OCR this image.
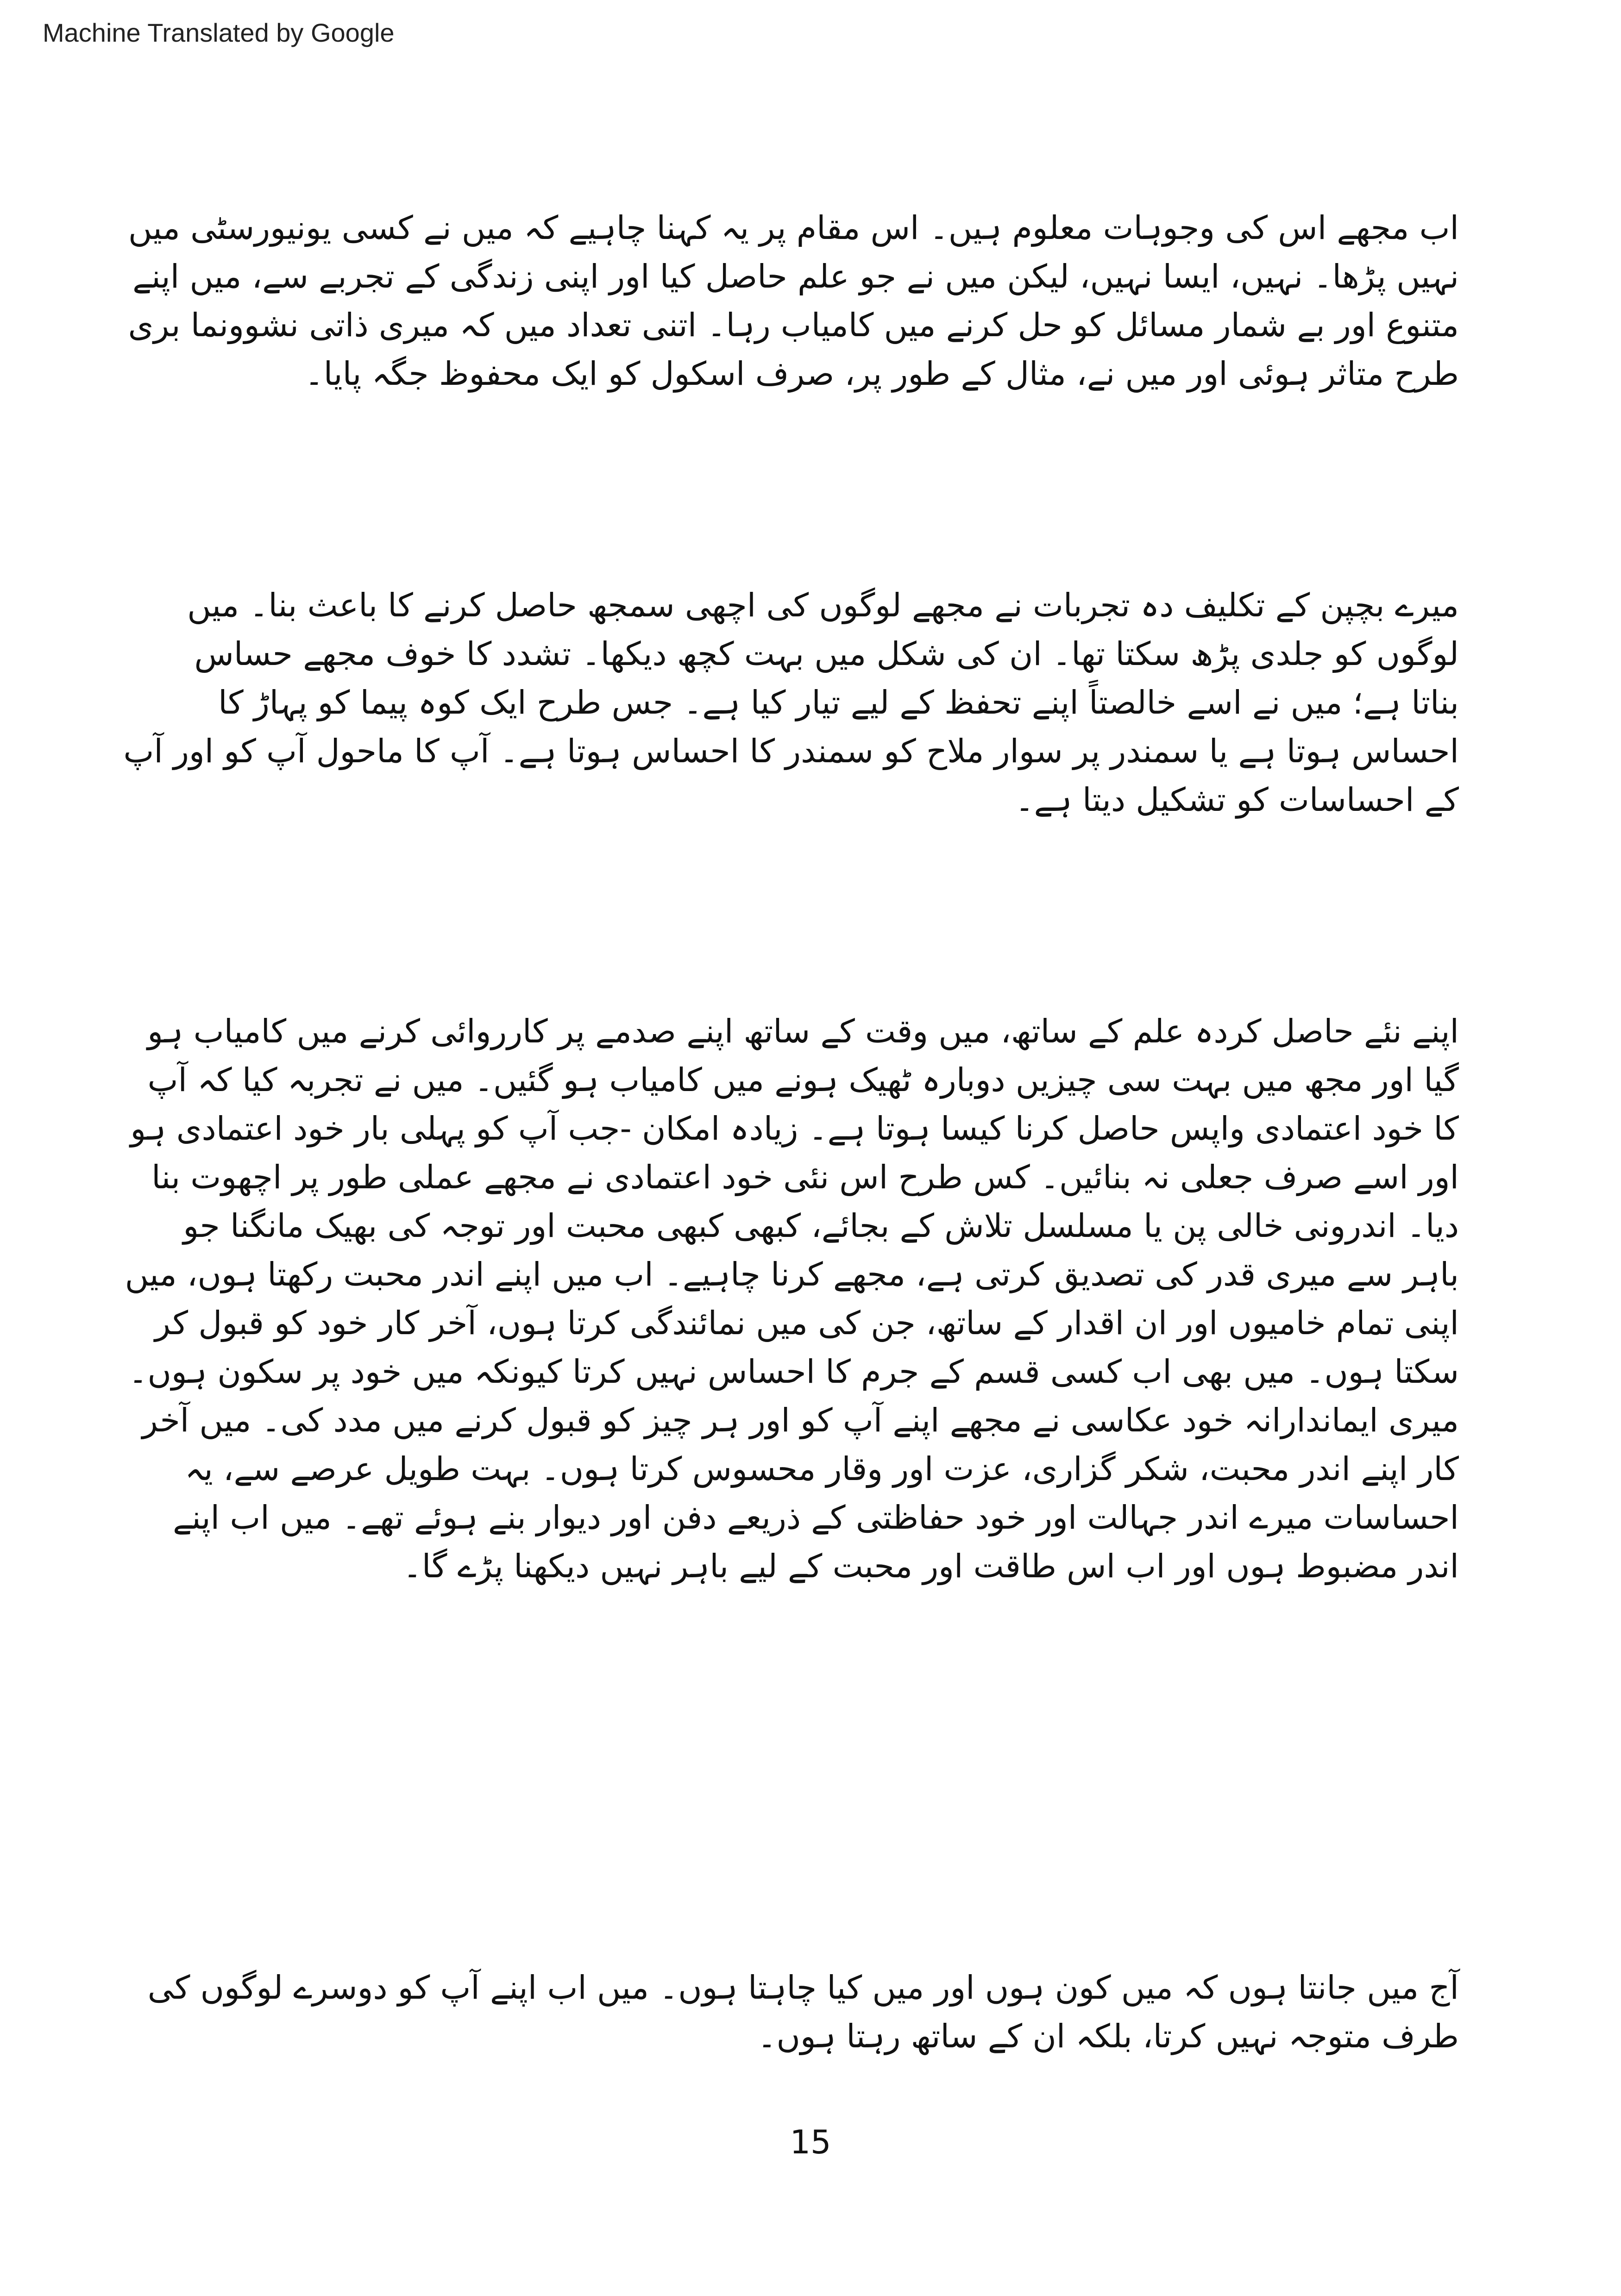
Machine Translated by Google
اب مجھے اس کی وجوہات معلوم ہیں۔ اس مقام پر یہ کہنا چاہیے کہ میں نے کسی یونیورسٹی میں
نہیں پڑھا۔ نہیں، ایسا نہیں، لیکن میں نے جو علم حاصل کیا اور اپنی زندگی کے تجربے سے، میں اپنے
متنوع اور بے شمار مسائل کو حل کرنے میں کامیاب رہا۔ اتنی تعداد میں کہ میری ذاتی نشوونما بری
طرح متاثر ہوئی اور میں نے، مثال کے طور پر، صرف اسکول کو ایک محفوظ جگہ پایا۔
میرے بچپن کے تکلیف دہ تجربات نے مجھے لوگوں کی اچھی سمجھ حاصل کرنے کا باعث بنا۔ میں
لوگوں کو جلدی پڑھ سکتا تھا۔ ان کی شکل میں بہت کچھ دیکھا۔ تشدد کا خوف مجھے حساس
بناتا ہے؛ میں نے اسے خالصتاً اپنے تحفظ کے لیے تیار کیا ہے۔ جس طرح ایک کوہ پیما کو پہاڑ کا
احساس ہوتا ہے یا سمندر پر سوار ملاح کو سمندر کا احساس ہوتا ہے۔ آپ کا ماحول آپ کو اور آپ
کے احساسات کو تشکیل دیتا ہے۔
اپنے نئے حاصل کردہ علم کے ساتھ، میں وقت کے ساتھ اپنے صدمے پر کارروائی کرنے میں کامیاب ہو
گیا اور مجھ میں بہت سی چیزیں دوبارہ ٹھیک ہونے میں کامیاب ہو گئیں۔ میں نے تجربہ کیا کہ آپ
کا خود اعتمادی واپس حاصل کرنا کیسا ہوتا ہے۔ زیادہ امکان -جب آپ کو پہلی بار خود اعتمادی ہو
اور اسے صرف جعلی نہ بنائیں۔ کس طرح اس نئی خود اعتمادی نے مجھے عملی طور پر اچھوت بنا
دیا۔ اندرونی خالی پن یا مسلسل تلاش کے بجائے، کبھی کبھی محبت اور توجہ کی بھیک مانگنا جو
باہر سے میری قدر کی تصدیق کرتی ہے، مجھے کرنا چاہیے۔ اب میں اپنے اندر محبت رکھتا ہوں، میں
اپنی تمام خامیوں اور ان اقدار کے ساتھ، جن کی میں نمائندگی کرتا ہوں، آخر کار خود کو قبول کر
سکتا ہوں۔ میں بھی اب کسی قسم کے جرم کا احساس نہیں کرتا کیونکہ میں خود پر سکون ہوں۔
میری ایماندارانہ خود عکاسی نے مجھے اپنے آپ کو اور ہر چیز کو قبول کرنے میں مدد کی۔ میں آخر
کار اپنے اندر محبت، شکر گزاری، عزت اور وقار محسوس کرتا ہوں۔ بہت طویل عرصے سے، یہ
احساسات میرے اندر جہالت اور خود حفاظتی کے ذریعے دفن اور دیوار بنے ہوئے تھے۔ میں اب اپنے
اندر مضبوط ہوں اور اب اس طاقت اور محبت کے لیے باہر نہیں دیکھنا پڑے گا۔
آج میں جانتا ہوں کہ میں کون ہوں اور میں کیا چاہتا ہوں۔ میں اب اپنے آپ کو دوسرے لوگوں کی
طرف متوجہ نہیں کرتا، بلکہ ان کے ساتھ رہتا ہوں۔
15
